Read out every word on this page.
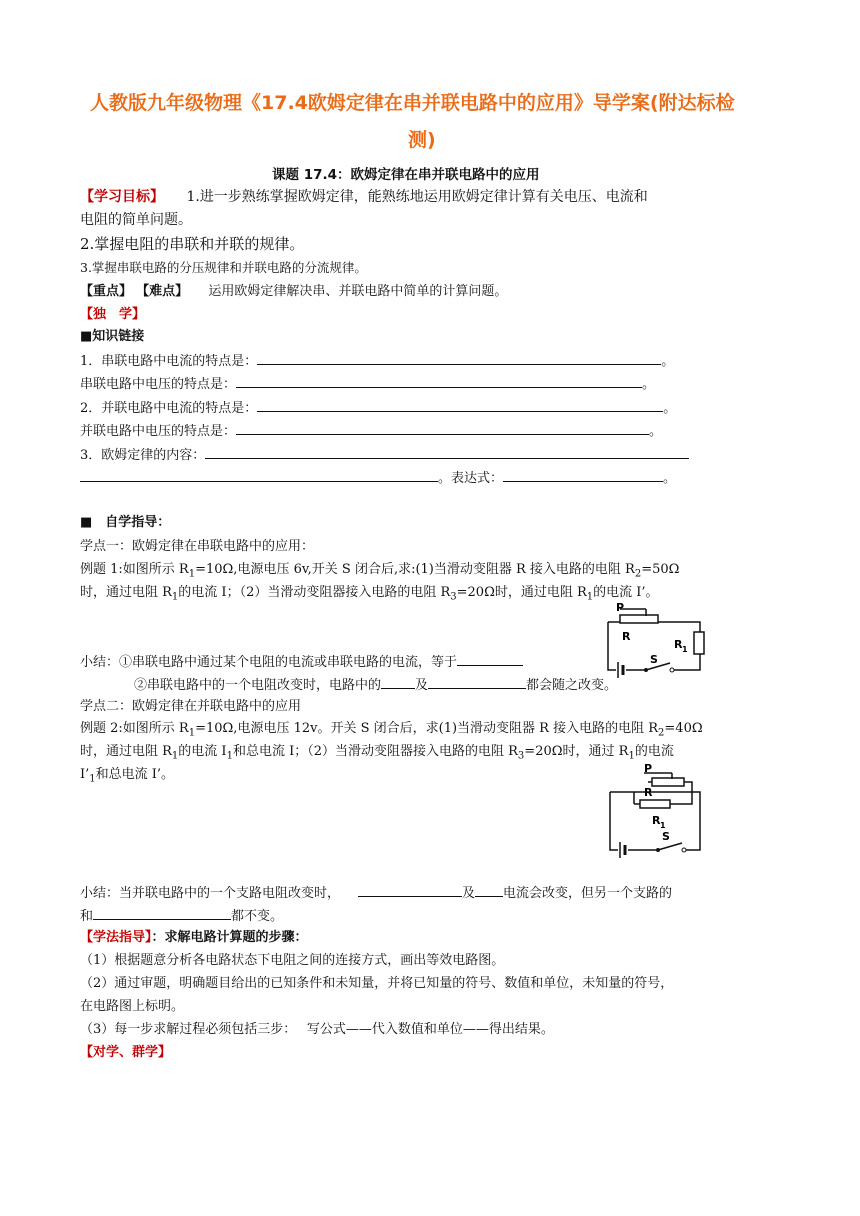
人教版九年级物理《17.4欧姆定律在串并联电路中的应用》导学案(附达标检
测)
课题 17.4：欧姆定律在串并联电路中的应用
【学习目标】 1.进一步熟练掌握欧姆定律，能熟练地运用欧姆定律计算有关电压、电流和
电阻的简单问题。
2.掌握电阻的串联和并联的规律。
3.掌握串联电路的分压规律和并联电路的分流规律。
【重点】 【难点】 运用欧姆定律解决串、并联电路中简单的计算问题。
【独　学】
■知识链接
1．串联电路中电流的特点是：	。
串联电路中电压的特点是：	。
2．并联电路中电流的特点是：	。
并联电路中电压的特点是：	。
3．欧姆定律的内容：
。表达式：	。
■　自学指导：
学点一：欧姆定律在串联电路中的应用：
例题 1:如图所示 $R_1=10\Omega$,电源电压 6v,开关 S 闭合后,求:(1)当滑动变阻器 R 接入电路的电阻 $R_2=50\Omega$
时，通过电阻 $R_1$的电流 I；（2）当滑动变阻器接入电路的电阻 $R_3=20\Omega$时，通过电阻 $R_1$的电流 I’。
P
R
R 1
S
小结：①串联电路中通过某个电阻的电流或串联电路的电流，等于
②串联电路中的一个电阻改变时，电路中的	及	都会随之改变。
学点二：欧姆定律在并联电路中的应用
例题 2:如图所示 $R_1=10\Omega$,电源电压 12v。开关 S 闭合后，求(1)当滑动变阻器 R 接入电路的电阻 $R_2=40\Omega$
时，通过电阻 $R_1$的电流 $I_1$和总电流 I；（2）当滑动变阻器接入电路的电阻 $R_3=20\Omega$时，通过 $R_1$的电流
$I’_1$和总电流 I’。	P
R
R 1
S
小结：当并联电路中的一个支路电阻改变时，	及 电流会改变，但另一个支路的
和	都不变。
【学法指导】：求解电路计算题的步骤：
（1）根据题意分析各电路状态下电阻之间的连接方式，画出等效电路图。
（2）通过审题，明确题目给出的已知条件和未知量，并将已知量的符号、数值和单位，未知量的符号，
在电路图上标明。
（3）每一步求解过程必须包括三步：　 写公式——代入数值和单位——得出结果。
【对学、群学】
